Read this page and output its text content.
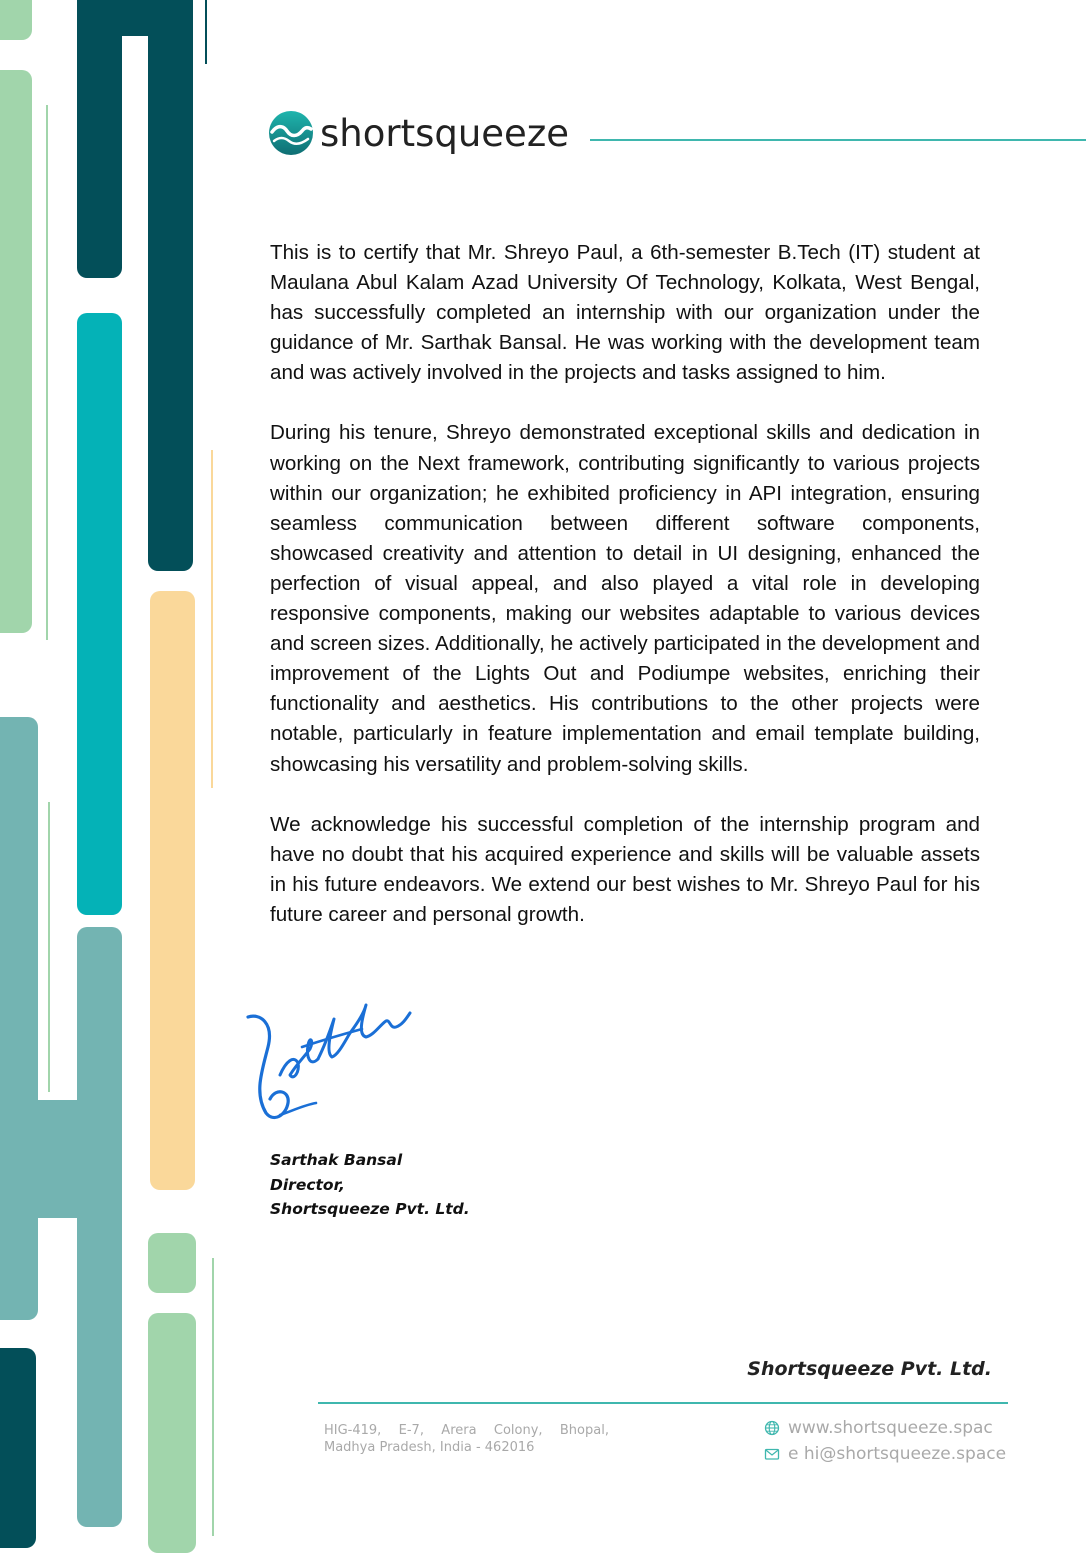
shortsqueeze

This is to certify that Mr. Shreyo Paul, a 6th-semester B.Tech (IT) student at Maulana Abul Kalam Azad University Of Technology, Kolkata, West Bengal, has successfully completed an internship with our organization under the guidance of Mr. Sarthak Bansal. He was working with the development team and was actively involved in the projects and tasks assigned to him.

During his tenure, Shreyo demonstrated exceptional skills and dedication in working on the Next framework, contributing significantly to various projects within our organization; he exhibited proficiency in API integration, ensuring seamless communication between different software components, showcased creativity and attention to detail in UI designing, enhanced the perfection of visual appeal, and also played a vital role in developing responsive components, making our websites adaptable to various devices and screen sizes. Additionally, he actively participated in the development and improvement of the Lights Out and Podiumpe websites, enriching their functionality and aesthetics. His contributions to the other projects were notable, particularly in feature implementation and email template building, showcasing his versatility and problem-solving skills.

We acknowledge his successful completion of the internship program and have no doubt that his acquired experience and skills will be valuable assets in his future endeavors. We extend our best wishes to Mr. Shreyo Paul for his future career and personal growth.

Sarthak Bansal
Director,
Shortsqueeze Pvt. Ltd.
Shortsqueeze Pvt. Ltd.
HIG-419, E-7, Arera Colony, Bhopal,
Madhya Pradesh, India - 462016
www.shortsqueeze.spac
e hi@shortsqueeze.space
